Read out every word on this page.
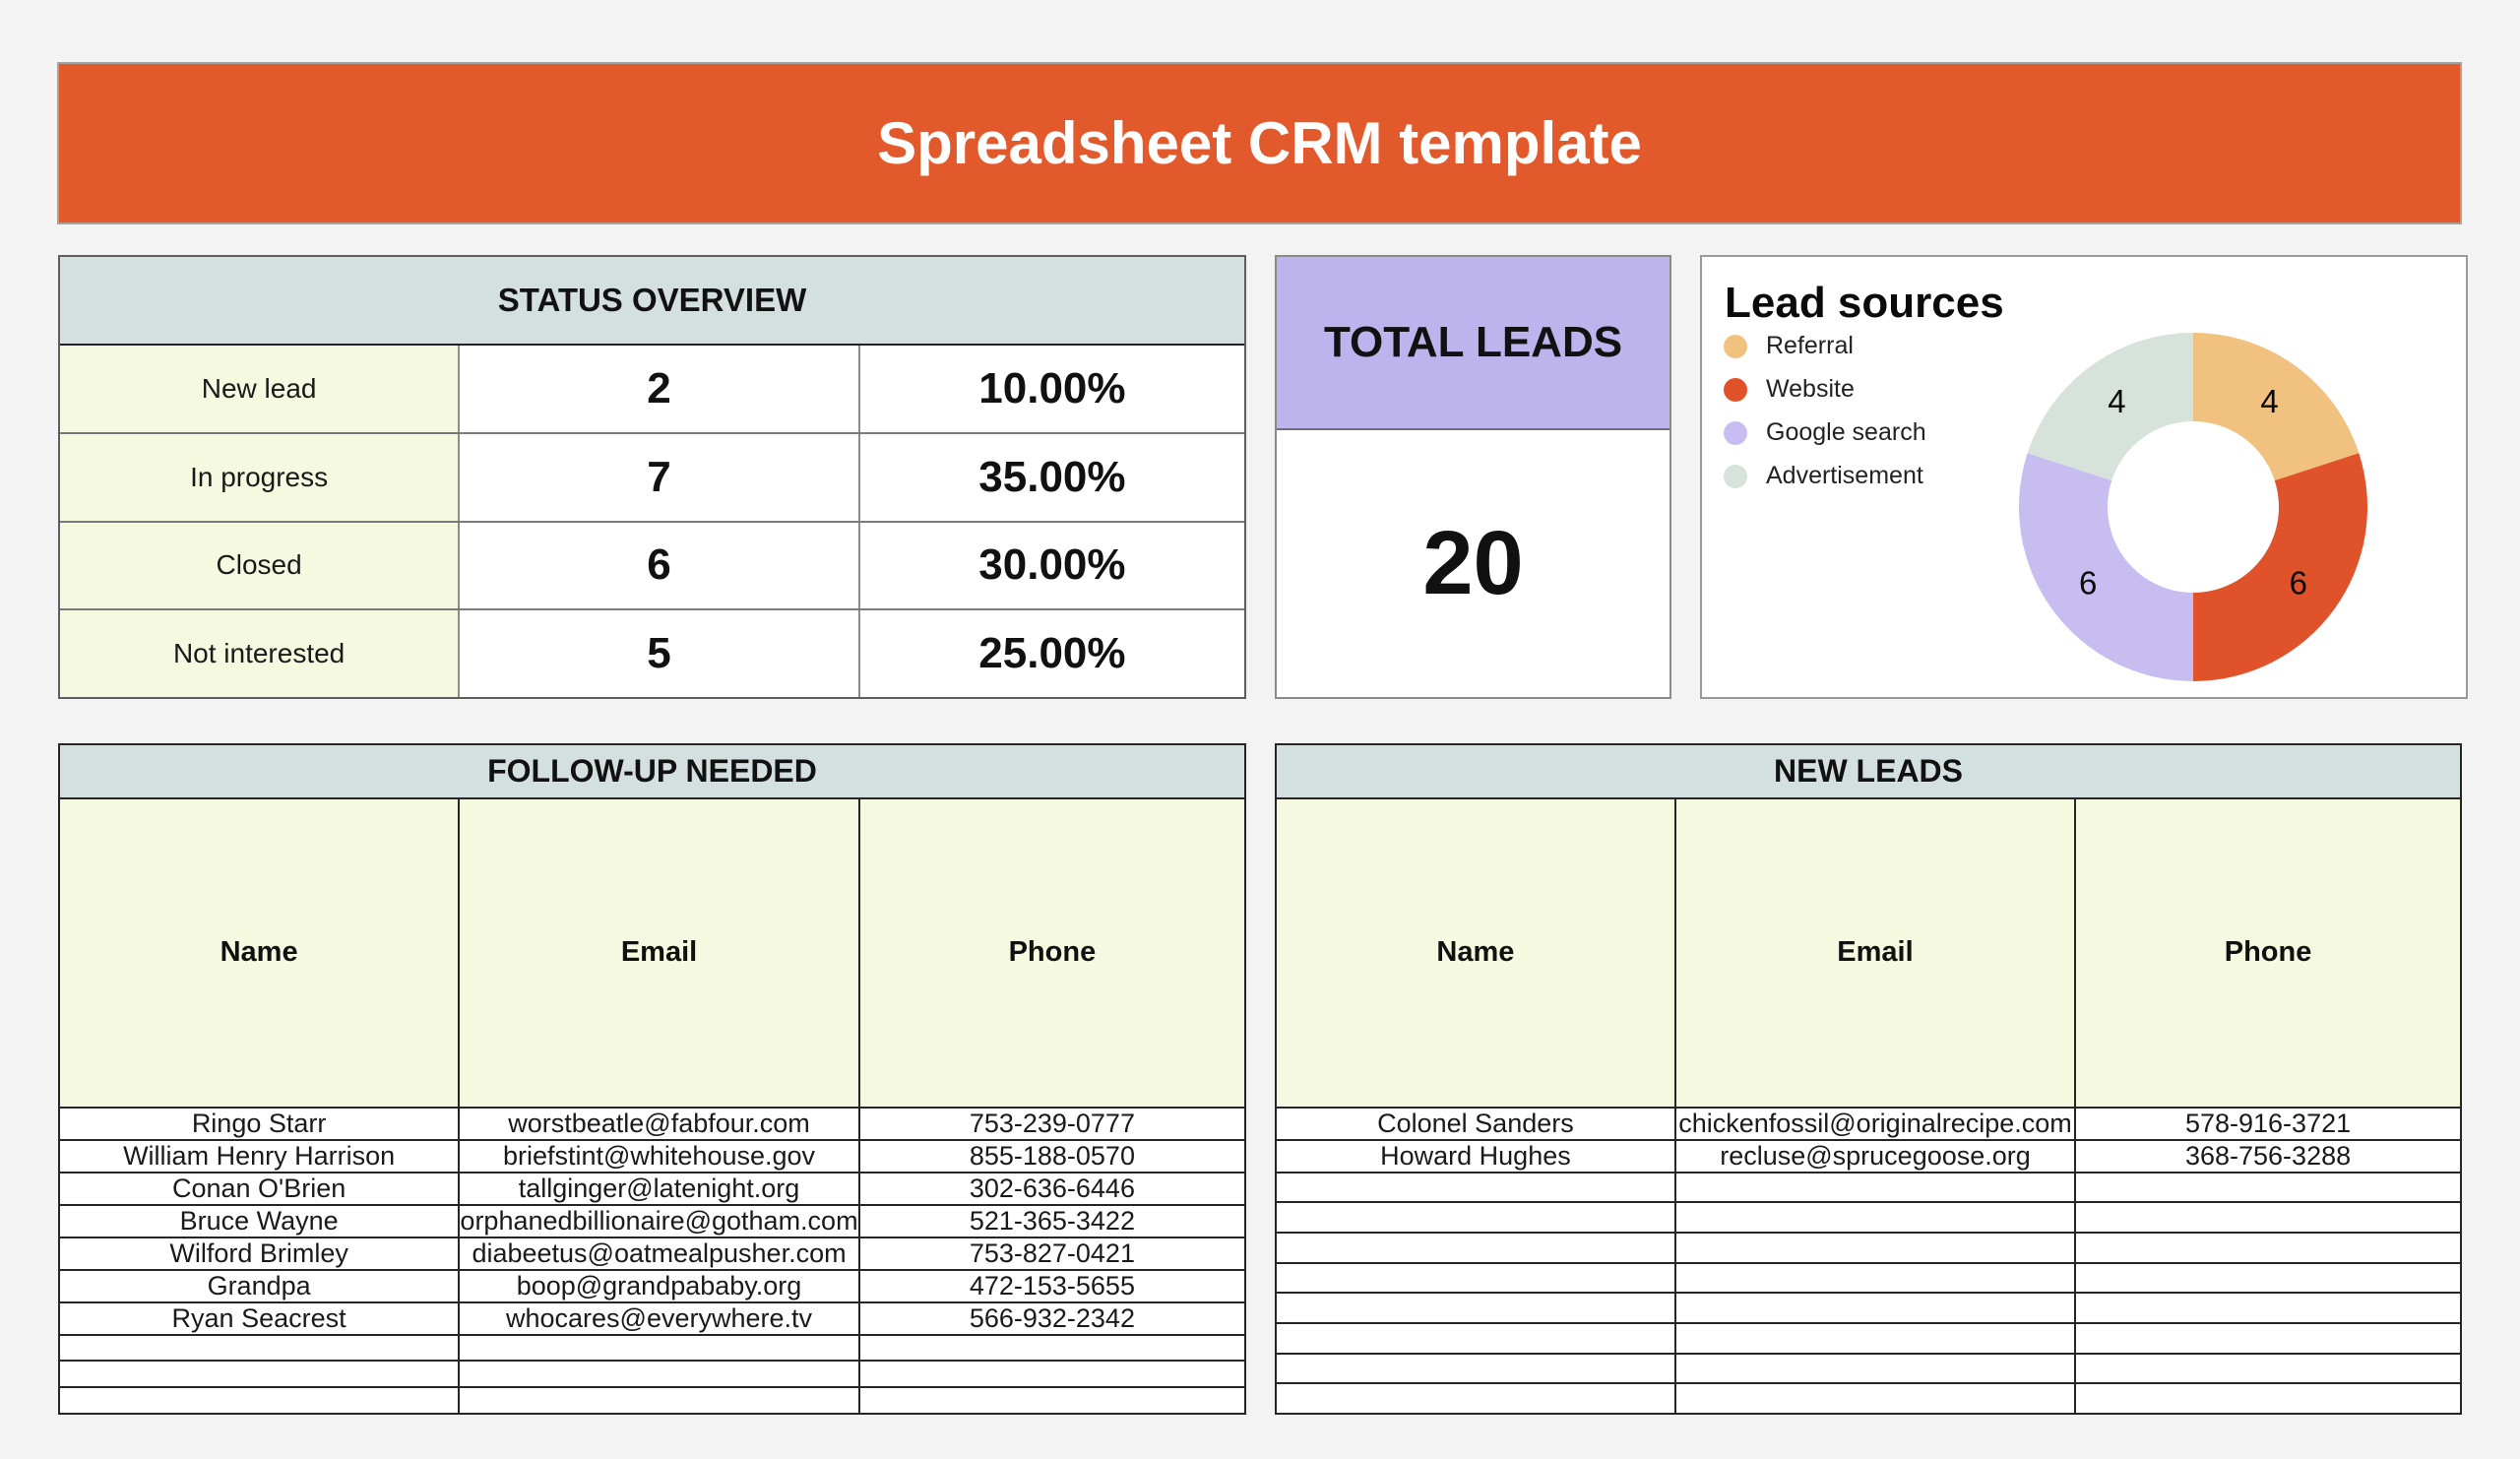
Spreadsheet CRM template
STATUS OVERVIEW
New lead	2	10.00%
In progress	7	35.00%
Closed	6	30.00%
Not interested	5	25.00%
TOTAL LEADS
20
Lead sources
Referral
Website
Google search
Advertisement
4
6
6
4
FOLLOW-UP NEEDED
Name	Email	Phone
Ringo Starr	worstbeatle@fabfour.com	753-239-0777
William Henry Harrison	briefstint@whitehouse.gov	855-188-0570
Conan O'Brien	tallginger@latenight.org	302-636-6446
Bruce Wayne	orphanedbillionaire@gotham.com	521-365-3422
Wilford Brimley	diabeetus@oatmealpusher.com	753-827-0421
Grandpa	boop@grandpababy.org	472-153-5655
Ryan Seacrest	whocares@everywhere.tv	566-932-2342
NEW LEADS
Name	Email	Phone
Colonel Sanders	chickenfossil@originalrecipe.com	578-916-3721
Howard Hughes	recluse@sprucegoose.org	368-756-3288
